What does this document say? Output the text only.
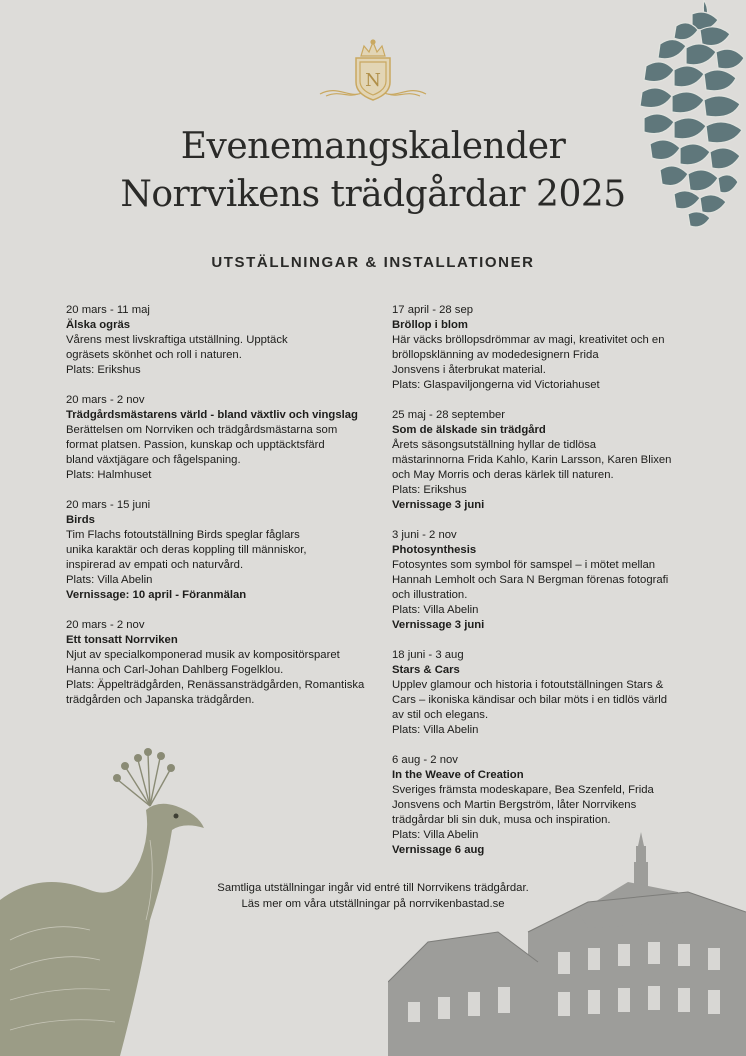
N
Evenemangskalender
Norrvikens trädgårdar 2025
UTSTÄLLNINGAR & INSTALLATIONER
20 mars - 11 maj
Älska ogräs
Vårens mest livskraftiga utställning. Upptäck
ogräsets skönhet och roll i naturen.
Plats: Erikshus
20 mars - 2 nov
Trädgårdsmästarens värld - bland växtliv och vingslag
Berättelsen om Norrviken och trädgårdsmästarna som
format platsen. Passion, kunskap och upptäcktsfärd
bland växtjägare och fågelspaning.
Plats: Halmhuset
20 mars - 15 juni
Birds
Tim Flachs fotoutställning Birds speglar fåglars
unika karaktär och deras koppling till människor,
inspirerad av empati och naturvård.
Plats: Villa Abelin
Vernissage: 10 april - Föranmälan
20 mars - 2 nov
Ett tonsatt Norrviken
Njut av specialkomponerad musik av kompositörsparet
Hanna och Carl-Johan Dahlberg Fogelklou.
Plats: Äppelträdgården, Renässansträdgården, Romantiska trädgården och Japanska trädgården.
17 april - 28 sep
Bröllop i blom
Här väcks bröllopsdrömmar av magi, kreativitet och en
bröllopsklänning av modedesignern Frida
Jonsvens i återbrukat material.
Plats: Glaspaviljongerna vid Victoriahuset
25 maj - 28 september
Som de älskade sin trädgård
Årets säsongsutställning hyllar de tidlösa
mästarinnorna Frida Kahlo, Karin Larsson, Karen Blixen
och May Morris och deras kärlek till naturen.
Plats: Erikshus
Vernissage 3 juni
3 juni - 2 nov
Photosynthesis
Fotosyntes som symbol för samspel – i mötet mellan
Hannah Lemholt och Sara N Bergman förenas fotografi
och illustration.
Plats: Villa Abelin
Vernissage 3 juni
18 juni - 3 aug
Stars & Cars
Upplev glamour och historia i fotoutställningen Stars &
Cars – ikoniska kändisar och bilar möts i en tidlös värld
av stil och elegans.
Plats: Villa Abelin
6 aug - 2 nov
In the Weave of Creation
Sveriges främsta modeskapare, Bea Szenfeld, Frida
Jonsvens och Martin Bergström, låter Norrvikens
trädgårdar bli sin duk, musa och inspiration.
Plats: Villa Abelin
Vernissage 6 aug
Samtliga utställningar ingår vid entré till Norrvikens trädgårdar.
Läs mer om våra utställningar på norrvikenbastad.se
